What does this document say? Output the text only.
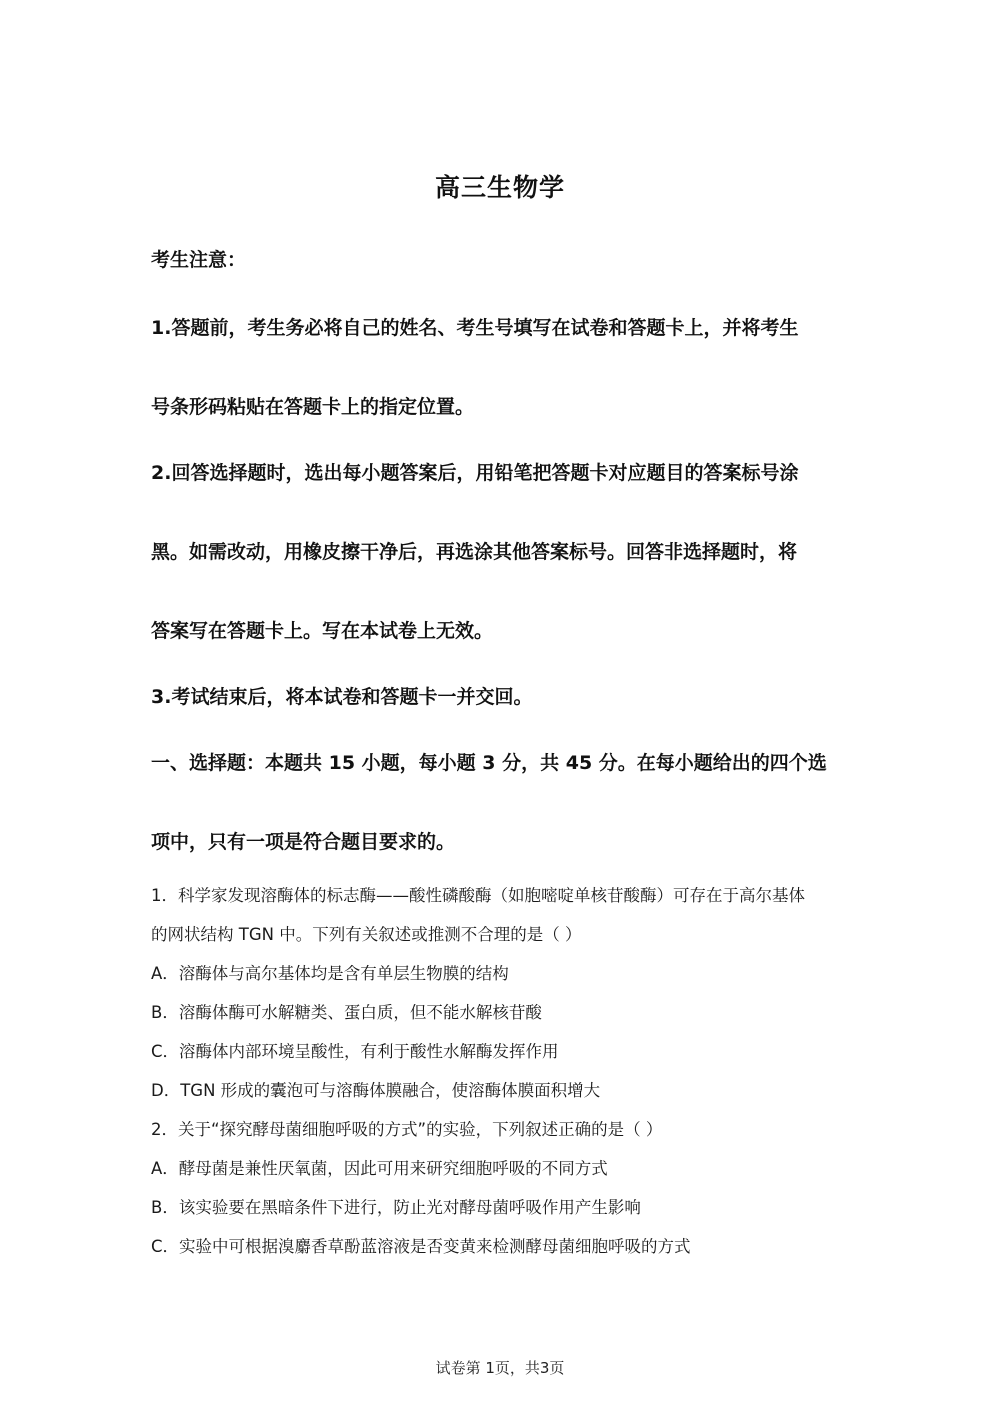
高三生物学
考生注意：
1.答题前，考生务必将自己的姓名、考生号填写在试卷和答题卡上，并将考生
号条形码粘贴在答题卡上的指定位置。
2.回答选择题时，选出每小题答案后，用铅笔把答题卡对应题目的答案标号涂
黑。如需改动，用橡皮擦干净后，再选涂其他答案标号。回答非选择题时，将
答案写在答题卡上。写在本试卷上无效。
3.考试结束后，将本试卷和答题卡一并交回。
一、选择题：本题共 15 小题，每小题 3 分，共 45 分。在每小题给出的四个选
项中，只有一项是符合题目要求的。
1．科学家发现溶酶体的标志酶——酸性磷酸酶（如胞嘧啶单核苷酸酶）可存在于高尔基体
的网状结构 TGN 中。下列有关叙述或推测不合理的是（ ）
A．溶酶体与高尔基体均是含有单层生物膜的结构
B．溶酶体酶可水解糖类、蛋白质，但不能水解核苷酸
C．溶酶体内部环境呈酸性，有利于酸性水解酶发挥作用
D．TGN 形成的囊泡可与溶酶体膜融合，使溶酶体膜面积增大
2．关于“探究酵母菌细胞呼吸的方式”的实验，下列叙述正确的是（ ）
A．酵母菌是兼性厌氧菌，因此可用来研究细胞呼吸的不同方式
B．该实验要在黑暗条件下进行，防止光对酵母菌呼吸作用产生影响
C．实验中可根据溴麝香草酚蓝溶液是否变黄来检测酵母菌细胞呼吸的方式
试卷第 1页，共3页
